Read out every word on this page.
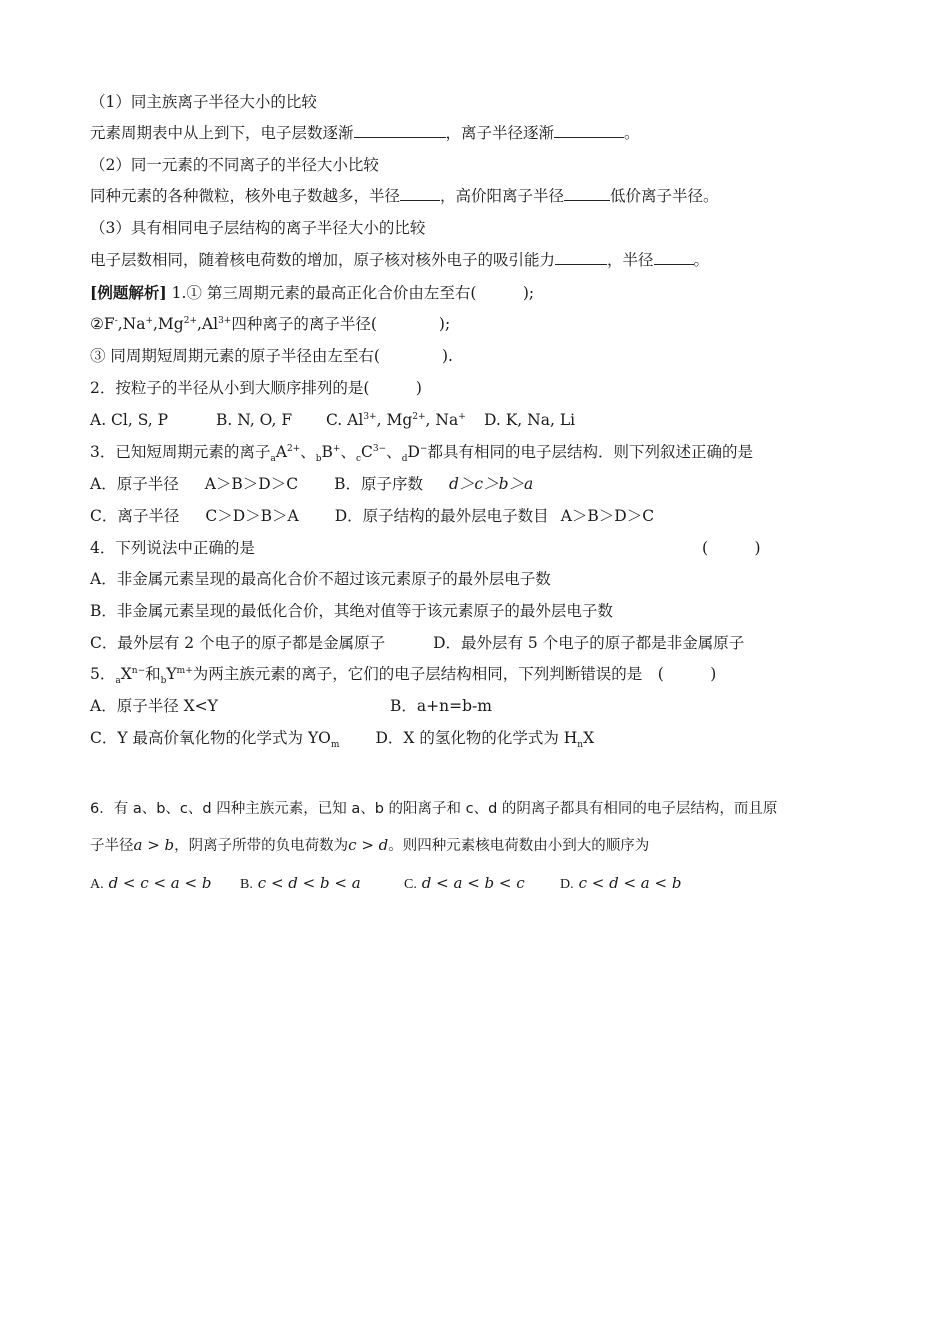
（1）同主族离子半径大小的比较
元素周期表中从上到下，电子层数逐渐	，离子半径逐渐	。
（2）同一元素的不同离子的半径大小比较
同种元素的各种微粒，核外电子数越多，半径	，高价阳离子半径	低价离子半径。
（3）具有相同电子层结构的离子半径大小的比较
电子层数相同，随着核电荷数的增加，原子核对核外电子的吸引能力	，半径	。
[例题解析] 1.① 第三周期元素的最高正化合价由左至右(　　　);
$②F^-,Na^+,Mg^{2+},Al^{3+}$四种离子的离子半径(　　　　);
③ 同周期短周期元素的原子半径由左至右(　　　　).
2．按粒子的半径从小到大顺序排列的是(　　　)
A. Cl, S, P	B. N, O, F C. $Al^{3+}$, $Mg^{2+}$, Na+ D. K, Na, Li
3．已知短周期元素的离子$_aA^{2+}$、$_b$B+、$_cC^{3-}$、$_d$D−都具有相同的电子层结构．则下列叙述正确的是
A．原子半径 A＞B＞D＞C B．原子序数 d＞c＞b＞a
C．离子半径 C＞D＞B＞A D．原子结构的最外层电子数目 A＞B＞D＞C
4．下列说法中正确的是	(　　　)
A．非金属元素呈现的最高化合价不超过该元素原子的最外层电子数
B．非金属元素呈现的最低化合价，其绝对值等于该元素原子的最外层电子数
C．最外层有 2 个电子的原子都是金属原子	D．最外层有 5 个电子的原子都是非金属原子
5．$_aX^{n-}$和$_bY^{m+}$为两主族元素的离子，它们的电子层结构相同，下列判断错误的是　(　　　)
A．原子半径 X<Y	B．a+n=b-m
C．Y 最高价氧化物的化学式为 $YO_m$ D．X 的氢化物的化学式为 $H_nX$
6．有 a、b、c、d 四种主族元素，已知 a、b 的阳离子和 c、d 的阴离子都具有相同的电子层结构，而且原
子半径a > b，阴离子所带的负电荷数为c > d。则四种元素核电荷数由小到大的顺序为
A. d < c < a < b B. c < d < b < a	C. d < a < b < c	D. c < d < a < b
